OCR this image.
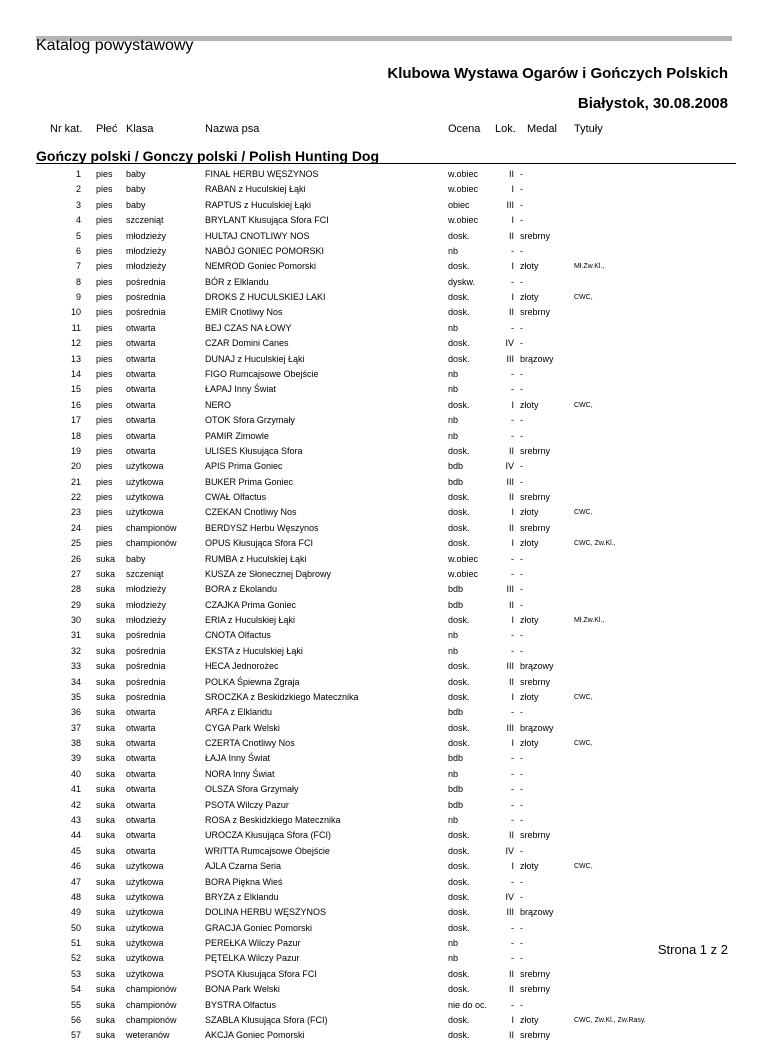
Katalog powystawowy
Klubowa Wystawa Ogarów i Gończych Polskich
Białystok, 30.08.2008
Nr kat. Płeć Klasa	Nazwa psa	Ocena Lok. Medal Tytuły
Gończy polski / Gonczy polski / Polish Hunting Dog
1 pies baby	FINAŁ HERBU WĘSZYNOS	w.obiec	II -
2 pies baby	RABAN z Huculskiej Łąki	w.obiec	I -
3 pies baby	RAPTUS z Huculskiej Łąki	obiec	III -
4 pies szczeniąt	BRYLANT Kłusująca Sfora FCI	w.obiec	I -
5 pies młodzieży	HULTAJ CNOTLIWY NOS	dosk.	II srebrny
6 pies młodzieży	NABÓJ GONIEC POMORSKI	nb	- -
7 pies młodzieży	NEMROD Goniec Pomorski	dosk.	I złoty	Mł.Zw.Kl.,
8 pies pośrednia	BÓR z Elklandu	dyskw.	- -
9 pies pośrednia	DROKS Z HUCULSKIEJ LAKI	dosk.	I złoty	CWC,
10 pies pośrednia	EMIR Cnotliwy Nos	dosk.	II srebrny
11 pies otwarta	BEJ CZAS NA ŁOWY	nb	- -
12 pies otwarta	CZAR Domini Canes	dosk.	IV -
13 pies otwarta	DUNAJ z Huculskiej Łąki	dosk.	III brązowy
14 pies otwarta	FIGO Rumcajsowe Obejście	nb	- -
15 pies otwarta	ŁAPAJ Inny Świat	nb	- -
16 pies otwarta	NERO	dosk.	I złoty	CWC,
17 pies otwarta	OTOK Sfora Grzymały	nb	- -
18 pies otwarta	PAMIR Zimowle	nb	- -
19 pies otwarta	ULISES Kłusująca Sfora	dosk.	II srebrny
20 pies użytkowa	APIS Prima Goniec	bdb	IV -
21 pies użytkowa	BUKER Prima Goniec	bdb	III -
22 pies użytkowa	CWAŁ Olfactus	dosk.	II srebrny
23 pies użytkowa	CZEKAN Cnotliwy Nos	dosk.	I złoty	CWC,
24 pies championów	BERDYSZ Herbu Węszynos	dosk.	II srebrny
25 pies championów	OPUS Kłusująca Sfora FCI	dosk.	I złoty	CWC, Zw.Kl.,
26 suka baby	RUMBA z Huculskiej Łąki	w.obiec	- -
27 suka szczeniąt	KUSZA ze Słonecznej Dąbrowy	w.obiec	- -
28 suka młodzieży	BORA z Ekolandu	bdb	III -
29 suka młodzieży	CZAJKA Prima Goniec	bdb	II -
30 suka młodzieży	ERIA z Huculskiej Łąki	dosk.	I złoty	Mł.Zw.Kl.,
31 suka pośrednia	CNOTA Olfactus	nb	- -
32 suka pośrednia	EKSTA z Huculskiej Łąki	nb	- -
33 suka pośrednia	HECA Jednorożec	dosk.	III brązowy
34 suka pośrednia	POLKA Śpiewna Zgraja	dosk.	II srebrny
35 suka pośrednia	SROCZKA z Beskidzkiego Matecznika	dosk.	I złoty	CWC,
36 suka otwarta	ARFA z Elklandu	bdb	- -
37 suka otwarta	CYGA Park Welski	dosk.	III brązowy
38 suka otwarta	CZERTA Cnotliwy Nos	dosk.	I złoty	CWC,
39 suka otwarta	ŁAJA Inny Świat	bdb	- -
40 suka otwarta	NORA Inny Świat	nb	- -
41 suka otwarta	OLSZA Sfora Grzymały	bdb	- -
42 suka otwarta	PSOTA Wilczy Pazur	bdb	- -
43 suka otwarta	ROSA z Beskidzkiego Matecznika	nb	- -
44 suka otwarta	UROCZA Kłusująca Sfora (FCI)	dosk.	II srebrny
45 suka otwarta	WRITTA Rumcajsowe Obejście	dosk.	IV -
46 suka użytkowa	AJLA Czarna Seria	dosk.	I złoty	CWC,
47 suka użytkowa	BORA Piękna Wieś	dosk.	- -
48 suka użytkowa	BRYZA z Elklandu	dosk.	IV -
49 suka użytkowa	DOLINA HERBU WĘSZYNOS	dosk.	III brązowy
50 suka użytkowa	GRACJA Goniec Pomorski	dosk.	- -
51 suka użytkowa	PEREŁKA Wilczy Pazur	nb	- -
52 suka użytkowa	PĘTELKA Wilczy Pazur	nb	- -
53 suka użytkowa	PSOTA Kłusująca Sfora FCI	dosk.	II srebrny
54 suka championów	BONA Park Welski	dosk.	II srebrny
55 suka championów	BYSTRA Olfactus	nie do oc.	- -
56 suka championów	SZABLA Kłusująca Sfora (FCI)	dosk.	I złoty	CWC, Zw.Kl., Zw.Rasy,
57 suka weteranów	AKCJA Goniec Pomorski	dosk.	II srebrny
Strona 1 z 2
